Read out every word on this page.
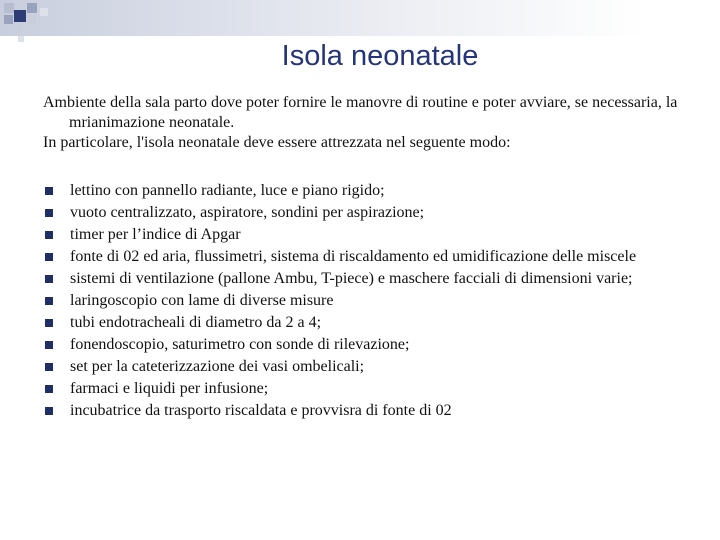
Isola neonatale

Ambiente della sala parto dove poter fornire le manovre di routine e poter avviare, se necessaria, la mrianimazione neonatale.

In particolare, l'isola neonatale deve essere attrezzata nel seguente modo:

lettino con pannello radiante, luce e piano rigido;
vuoto centralizzato, aspiratore, sondini per aspirazione;
timer per l’indice di Apgar
fonte di 02 ed aria, flussimetri, sistema di riscaldamento ed umidificazione delle miscele
sistemi di ventilazione (pallone Ambu, T-piece) e maschere facciali di dimensioni varie;
laringoscopio con lame di diverse misure
tubi endotracheali di diametro da 2 a 4;
fonendoscopio, saturimetro con sonde di rilevazione;
set per la cateterizzazione dei vasi ombelicali;
farmaci e liquidi per infusione;
incubatrice da trasporto riscaldata e provvisra di fonte di 02
